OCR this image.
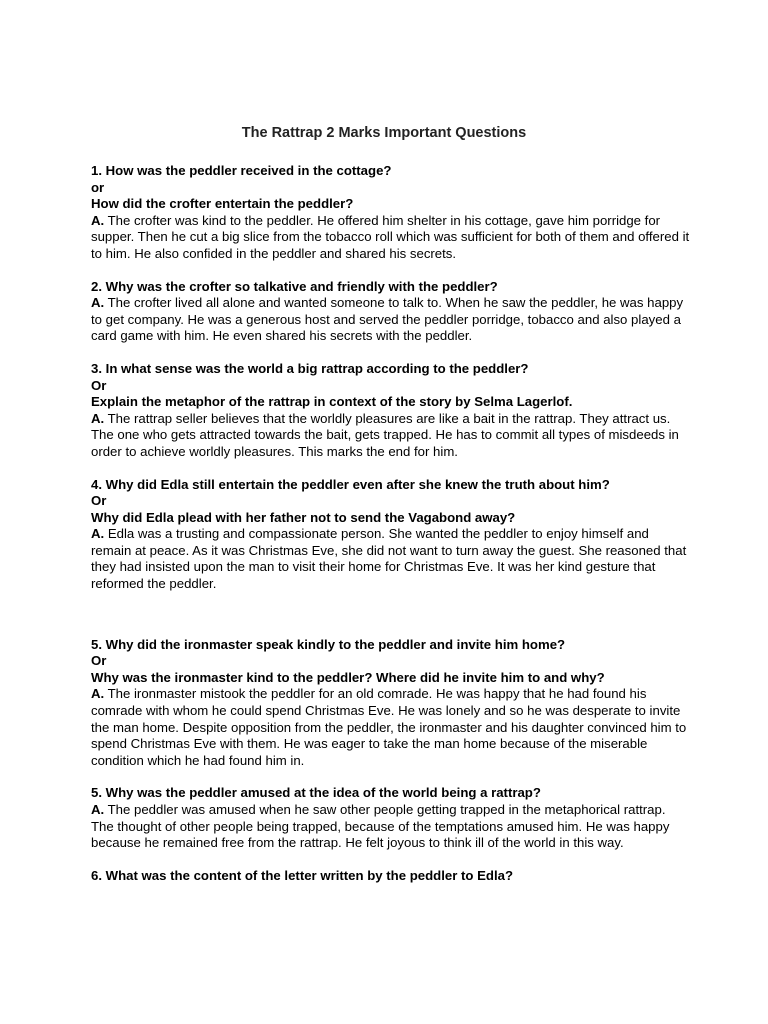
The Rattrap 2 Marks Important Questions

1. How was the peddler received in the cottage?

or

How did the crofter entertain the peddler?

A. The crofter was kind to the peddler. He offered him shelter in his cottage, gave him porridge for supper. Then he cut a big slice from the tobacco roll which was sufficient for both of them and offered it to him. He also confided in the peddler and shared his secrets.

2. Why was the crofter so talkative and friendly with the peddler?

A. The crofter lived all alone and wanted someone to talk to. When he saw the peddler, he was happy to get company. He was a generous host and served the peddler porridge, tobacco and also played a card game with him. He even shared his secrets with the peddler.

3. In what sense was the world a big rattrap according to the peddler?

Or

Explain the metaphor of the rattrap in context of the story by Selma Lagerlof.

A. The rattrap seller believes that the worldly pleasures are like a bait in the rattrap. They attract us. The one who gets attracted towards the bait, gets trapped. He has to commit all types of misdeeds in order to achieve worldly pleasures. This marks the end for him.

4. Why did Edla still entertain the peddler even after she knew the truth about him?

Or

Why did Edla plead with her father not to send the Vagabond away?

A. Edla was a trusting and compassionate person. She wanted the peddler to enjoy himself and remain at peace. As it was Christmas Eve, she did not want to turn away the guest. She reasoned that they had insisted upon the man to visit their home for Christmas Eve. It was her kind gesture that reformed the peddler.

5. Why did the ironmaster speak kindly to the peddler and invite him home?

Or

Why was the ironmaster kind to the peddler? Where did he invite him to and why?

A. The ironmaster mistook the peddler for an old comrade. He was happy that he had found his comrade with whom he could spend Christmas Eve. He was lonely and so he was desperate to invite the man home. Despite opposition from the peddler, the ironmaster and his daughter convinced him to spend Christmas Eve with them. He was eager to take the man home because of the miserable condition which he had found him in.

5. Why was the peddler amused at the idea of the world being a rattrap?

A. The peddler was amused when he saw other people getting trapped in the metaphorical rattrap. The thought of other people being trapped, because of the temptations amused him. He was happy because he remained free from the rattrap. He felt joyous to think ill of the world in this way.

6. What was the content of the letter written by the peddler to Edla?
